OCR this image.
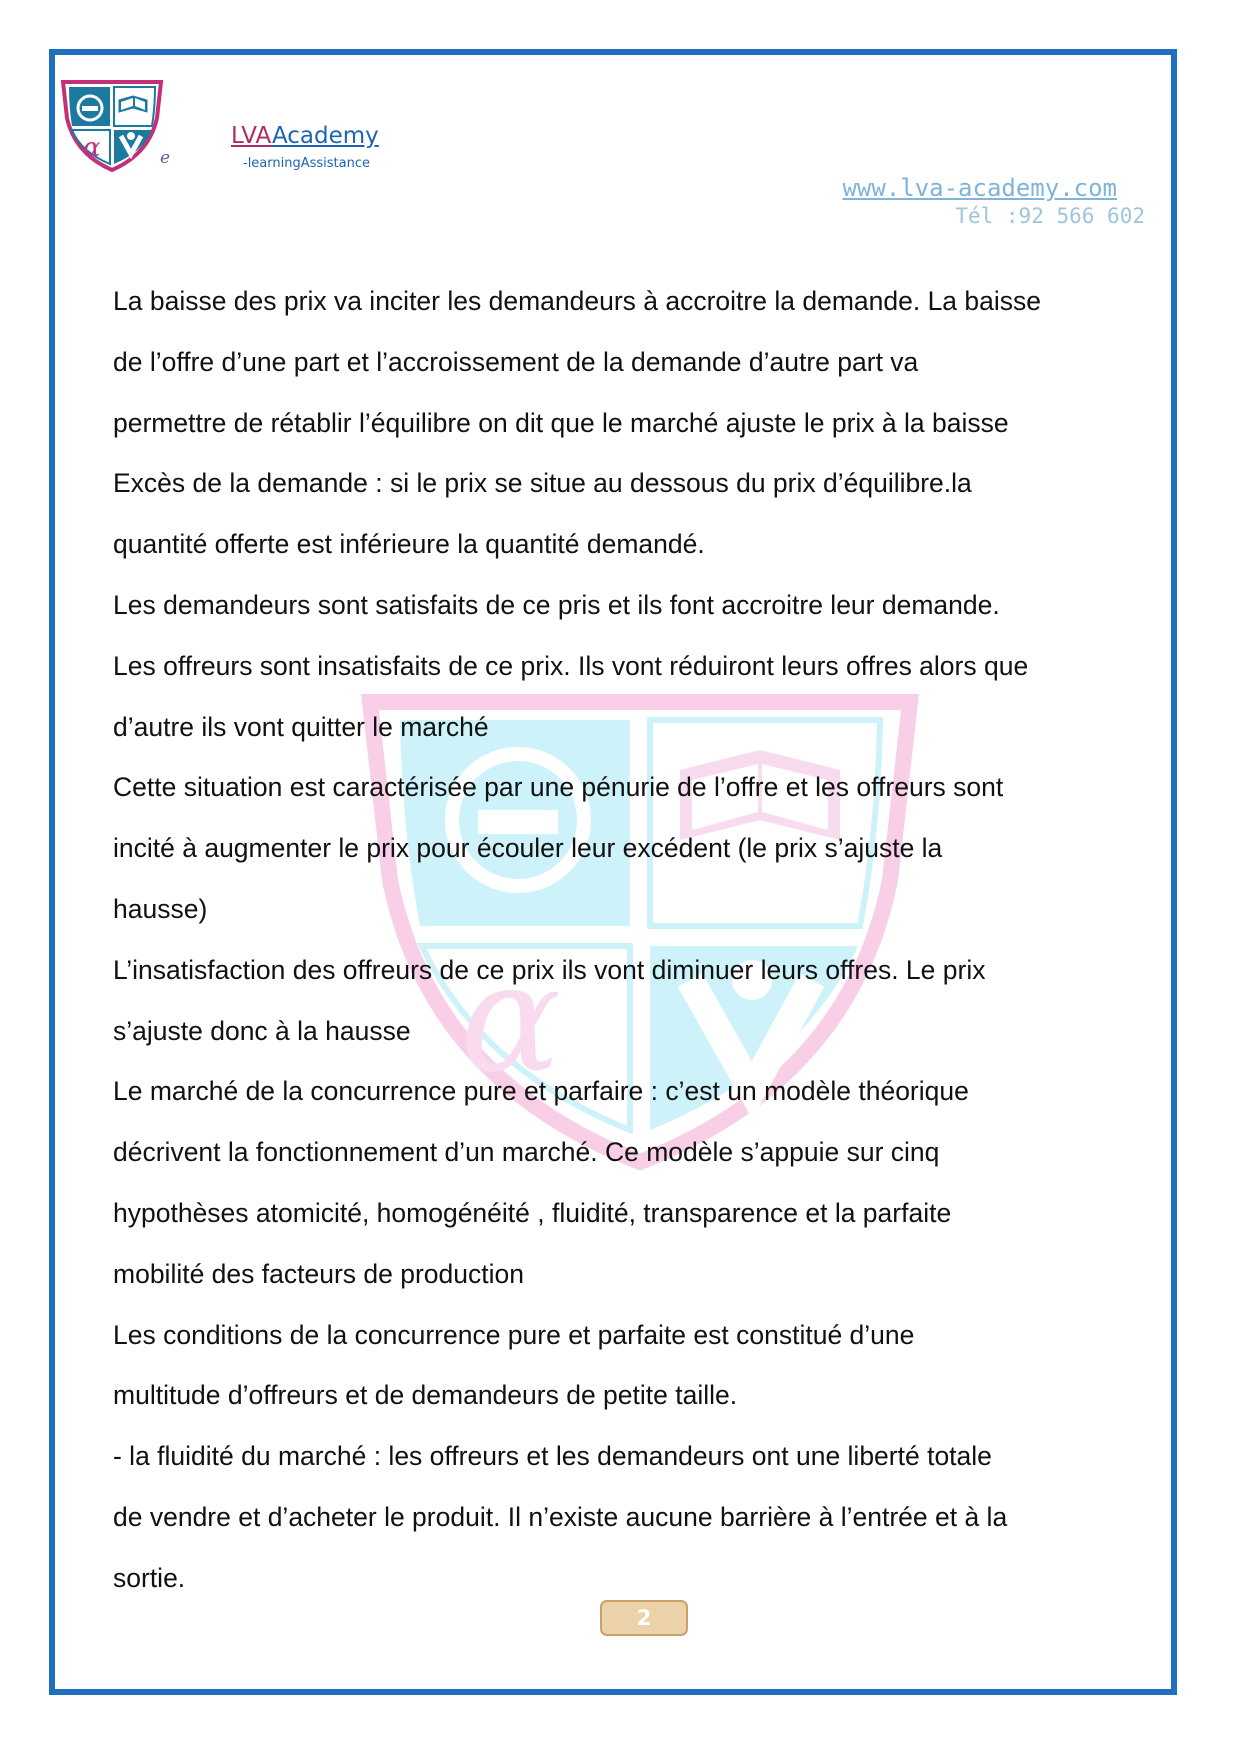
α	e
LVAAcademy
-learningAssistance
www.lva-academy.com
Tél :92 566 602
α

La baisse des prix va inciter les demandeurs à accroitre la demande. La baisse

de l’offre d’une part et l’accroissement de la demande d’autre part va

permettre de rétablir l’équilibre on dit que le marché ajuste le prix à la baisse

Excès de la demande : si le prix se situe au dessous du prix d’équilibre.la

quantité offerte est inférieure la quantité demandé.

Les demandeurs sont satisfaits de ce pris et ils font accroitre leur demande.

Les offreurs sont insatisfaits de ce prix. Ils vont réduiront leurs offres alors que

d’autre ils vont quitter le marché

Cette situation est caractérisée par une pénurie de l’offre et les offreurs sont

incité à augmenter le prix pour écouler leur excédent (le prix s’ajuste la

hausse)

L’insatisfaction des offreurs de ce prix ils vont diminuer leurs offres. Le prix

s’ajuste donc à la hausse

Le marché de la concurrence pure et parfaire : c’est un modèle théorique

décrivent la fonctionnement d’un marché. Ce modèle s’appuie sur cinq

hypothèses atomicité, homogénéité , fluidité, transparence et la parfaite

mobilité des facteurs de production

Les conditions de la concurrence pure et parfaite est constitué d’une

multitude d’offreurs et de demandeurs de petite taille.

- la fluidité du marché : les offreurs et les demandeurs ont une liberté totale

de vendre et d’acheter le produit. Il n’existe aucune barrière à l’entrée et à la

sortie.

2
